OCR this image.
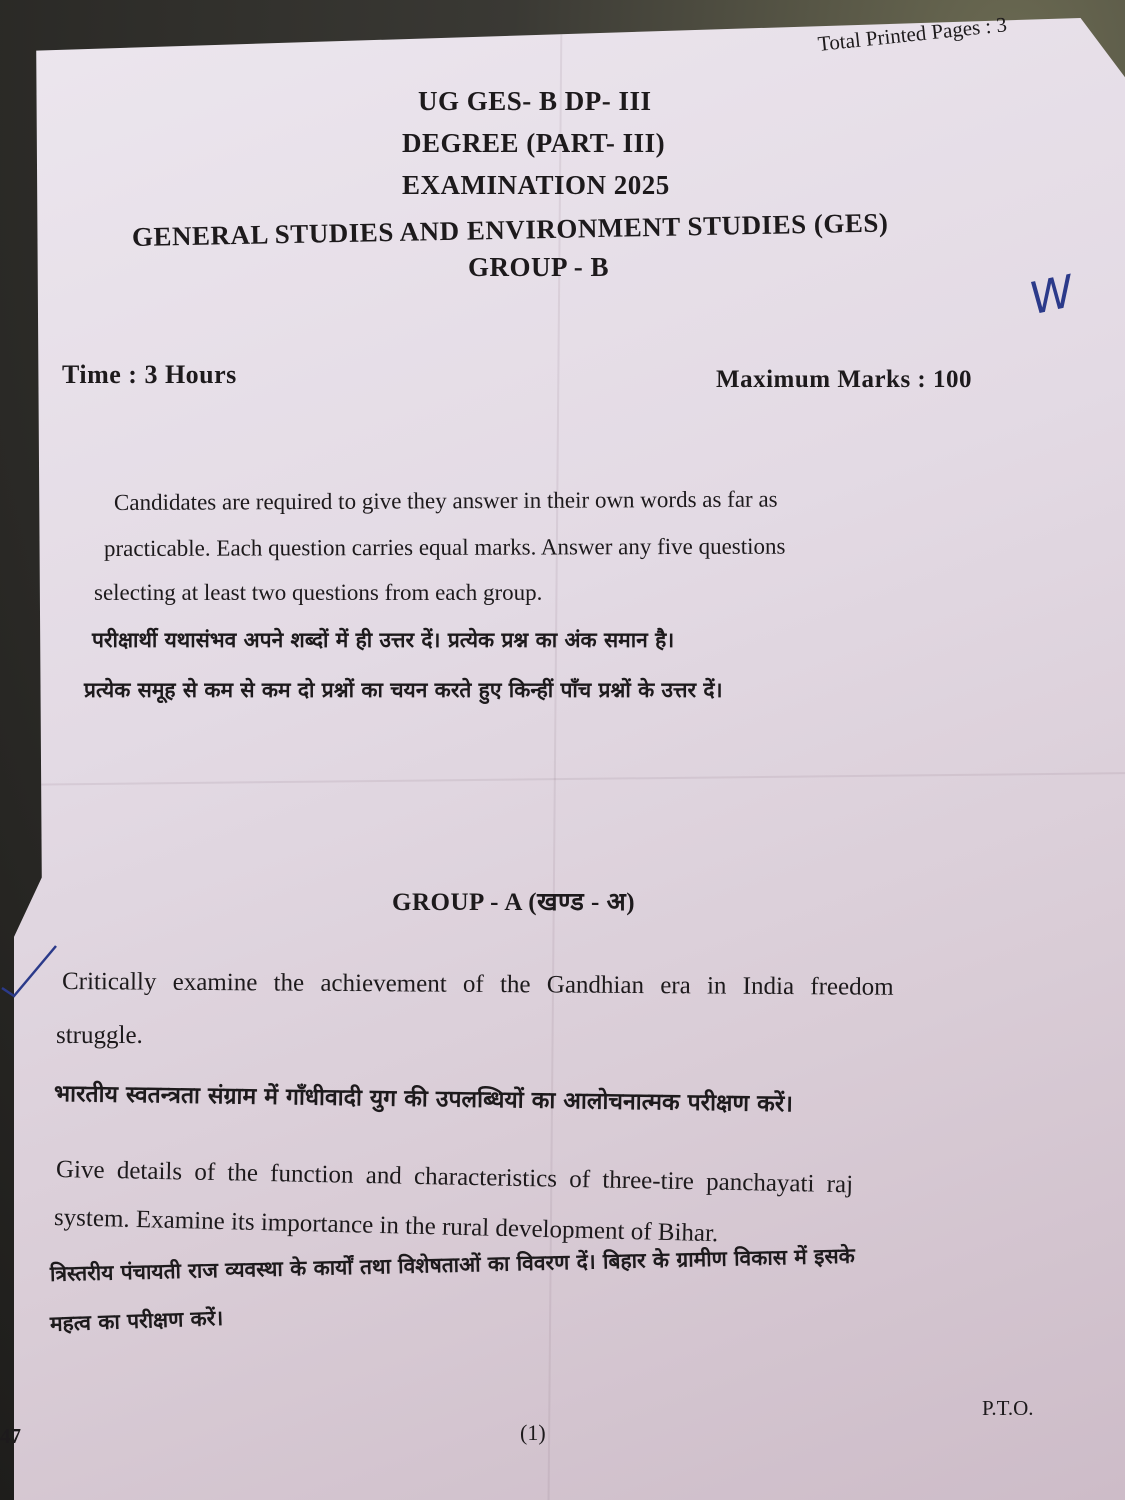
Total Printed Pages : 3
UG GES- B DP- III
DEGREE (PART- III)
EXAMINATION 2025
GENERAL STUDIES AND ENVIRONMENT STUDIES (GES)
GROUP - B	W
Time : 3 Hours	Maximum Marks : 100
Candidates are required to give they answer in their own words as far as
practicable. Each question carries equal marks. Answer any five questions
selecting at least two questions from each group.
परीक्षार्थी यथासंभव अपने शब्दों में ही उत्तर दें। प्रत्येक प्रश्न का अंक समान है।
प्रत्येक समूह से कम से कम दो प्रश्नों का चयन करते हुए किन्हीं पाँच प्रश्नों के उत्तर दें।
GROUP - A (खण्ड - अ)
Critically examine the achievement of the Gandhian era in India freedom
struggle.
भारतीय स्वतन्त्रता संग्राम में गाँधीवादी युग की उपलब्धियों का आलोचनात्मक परीक्षण करें।
Give details of the function and characteristics of three-tire panchayati raj
system. Examine its importance in the rural development of Bihar.
त्रिस्तरीय पंचायती राज व्यवस्था के कार्यों तथा विशेषताओं का विवरण दें। बिहार के ग्रामीण विकास में इसके
महत्व का परीक्षण करें।
47	(1)
P.T.O.
